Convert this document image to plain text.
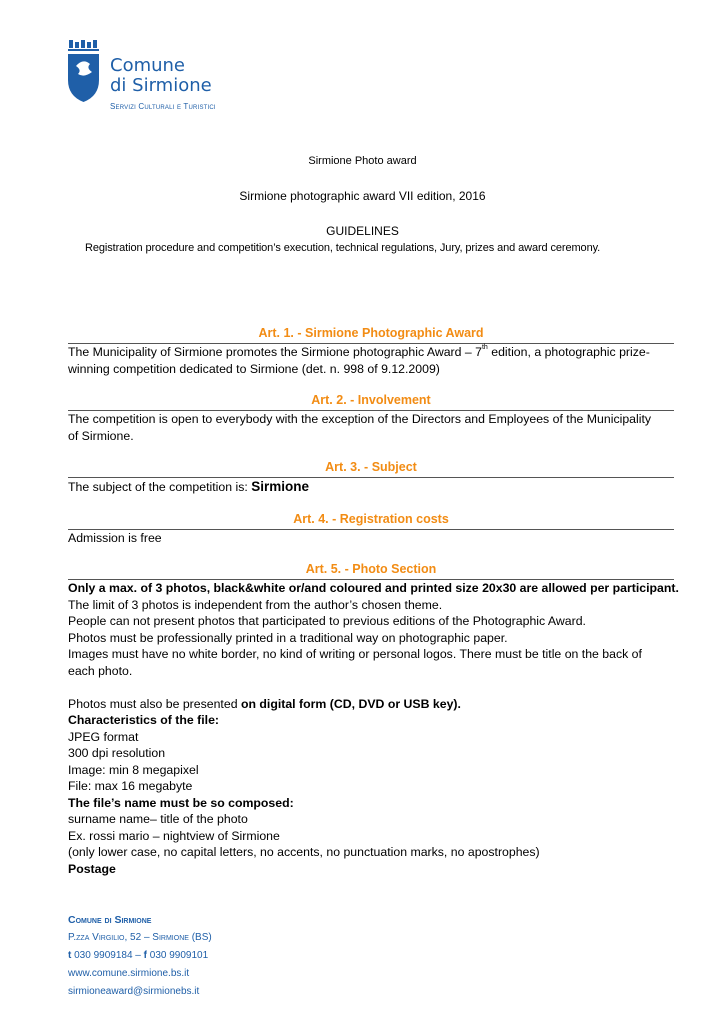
Comune
di Sirmione
Servizi Culturali e Turistici
Sirmione Photo award
Sirmione photographic award VII edition, 2016
GUIDELINES
Registration procedure and competition’s execution, technical regulations, Jury, prizes and award ceremony.
Art. 1. - Sirmione Photographic Award
The Municipality of Sirmione promotes the Sirmione photographic Award – 7th edition, a photographic prize-
winning competition dedicated to Sirmione (det. n. 998 of 9.12.2009)
Art. 2. - Involvement
The competition is open to everybody with the exception of the Directors and Employees of the Municipality
of Sirmione.
Art. 3. - Subject
The subject of the competition is: Sirmione
Art. 4. - Registration costs
Admission is free
Art. 5. - Photo Section
Only a max. of 3 photos, black&white or/and coloured and printed size 20x30 are allowed per participant.
The limit of 3 photos is independent from the author’s chosen theme.
People can not present photos that participated to previous editions of the Photographic Award.
Photos must be professionally printed in a traditional way on photographic paper.
Images must have no white border, no kind of writing or personal logos. There must be title on the back of
each photo.

Photos must also be presented on digital form (CD, DVD or USB key).
Characteristics of the file:
JPEG format
300 dpi resolution
Image: min 8 megapixel
File: max 16 megabyte
The file’s name must be so composed:
surname name– title of the photo
Ex. rossi mario – nightview of Sirmione
(only lower case, no capital letters, no accents, no punctuation marks, no apostrophes)
Postage
Comune di Sirmione
P.zza Virgilio, 52 – Sirmione (BS)
t 030 9909184 – f 030 9909101
www.comune.sirmione.bs.it
sirmioneaward@sirmionebs.it
